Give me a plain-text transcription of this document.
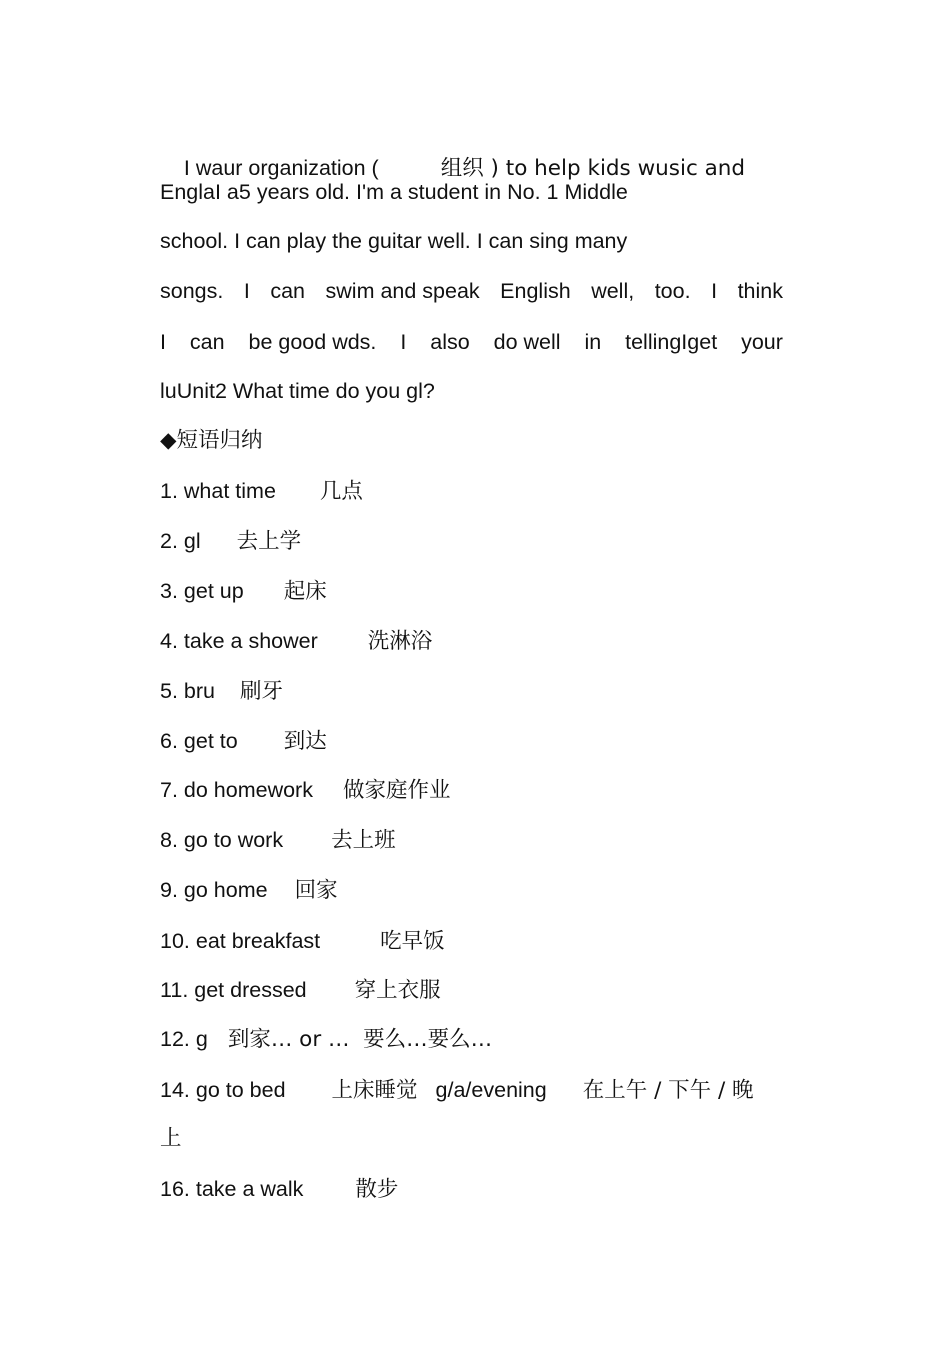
I waur organization (	组织 ) to help kids wusic and

EnglaI a5 years old. I'm a student in No. 1 Middle
school. I can play the guitar well. I can sing many
songs. I can swim and speak English well, too. I think
I can be good wds. I also do well in tellingIget your
luUnit2 What time do you gl?
◆短语归纳
1. what time 几点
2. gl 去上学
3. get up 起床
4. take a shower 洗淋浴
5. bru 刷牙
6. get to 到达
7. do homework 做家庭作业
8. go to work 去上班
9. go home 回家
10. eat breakfast	吃早饭
11. get dressed 穿上衣服
12. g 到家… or …  要么…要么…
14. go to bed 上床睡觉 g/a/evening 在上午 / 下午 / 晚
上
16. take a walk 散步
